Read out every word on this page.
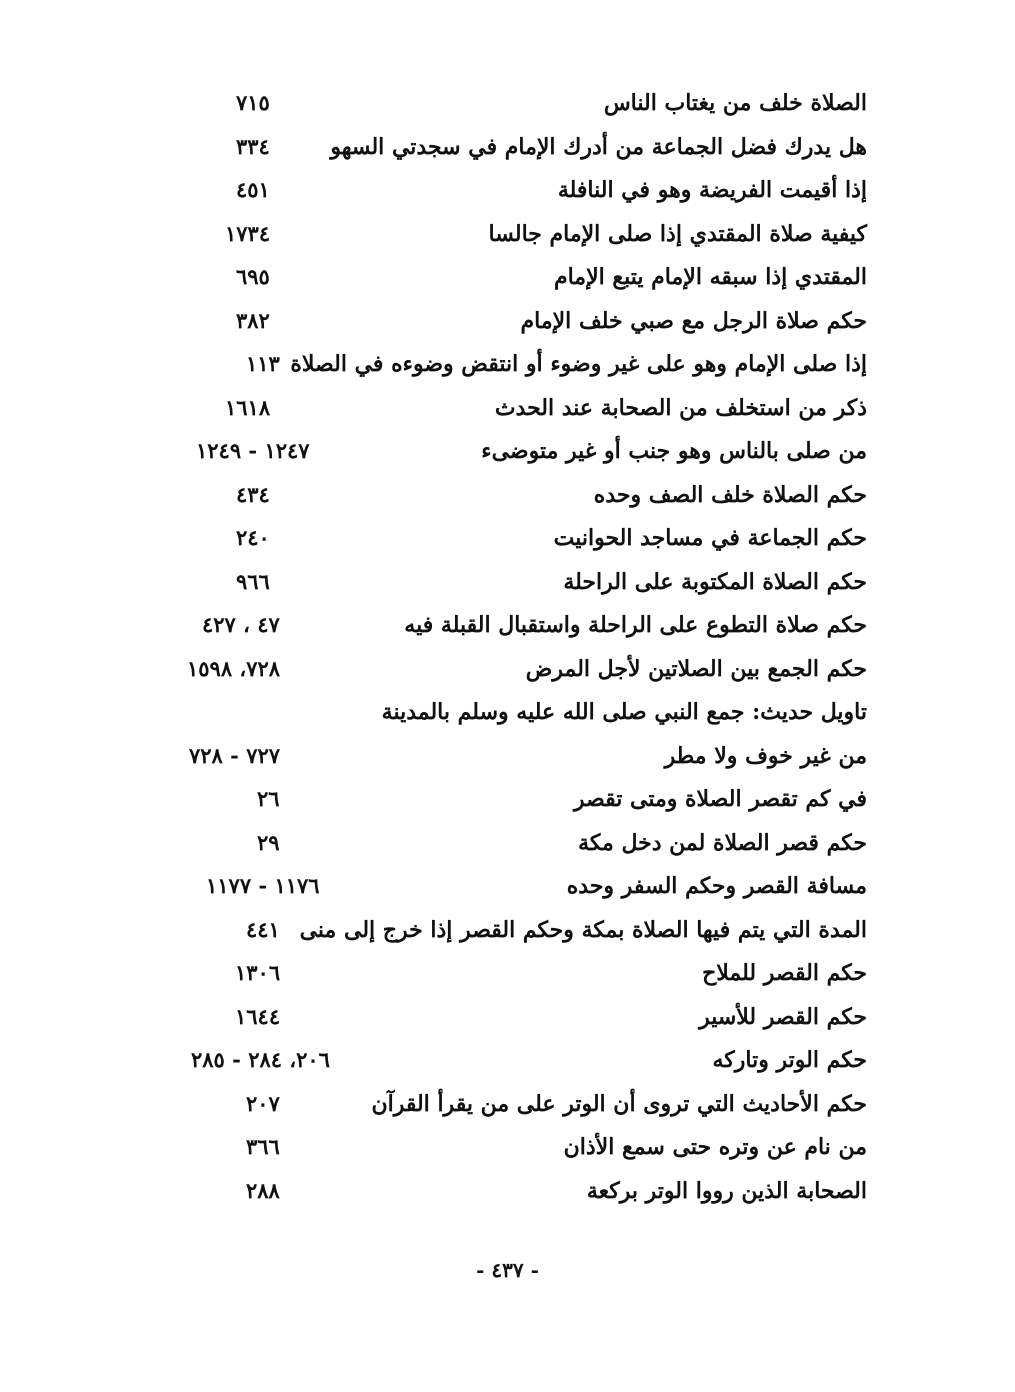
الصلاة خلف من يغتاب الناس
٧١٥
هل يدرك فضل الجماعة من أدرك الإمام في سجدتي السهو
٣٣٤
إذا أقيمت الفريضة وهو في النافلة
٤٥١
كيفية صلاة المقتدي إذا صلى الإمام جالسا
١٧٣٤
المقتدي إذا سبقه الإمام يتبع الإمام
٦٩٥
حكم صلاة الرجل مع صبي خلف الإمام
٣٨٢
إذا صلى الإمام وهو على غير وضوء أو انتقض وضوءه في الصلاة
١١٣
ذكر من استخلف من الصحابة عند الحدث
١٦١٨
من صلى بالناس وهو جنب أو غير متوضىء
١٢٤٧ - ١٢٤٩
حكم الصلاة خلف الصف وحده
٤٣٤
حكم الجماعة في مساجد الحوانيت
٢٤٠
حكم الصلاة المكتوبة على الراحلة
٩٦٦
حكم صلاة التطوع على الراحلة واستقبال القبلة فيه
٤٧ ، ٤٢٧
حكم الجمع بين الصلاتين لأجل المرض
٧٢٨، ١٥٩٨
تاويل حديث: جمع النبي صلى الله عليه وسلم بالمدينة
من غير خوف ولا مطر
٧٢٧ - ٧٢٨
في كم تقصر الصلاة ومتى تقصر
٢٦
حكم قصر الصلاة لمن دخل مكة
٢٩
مسافة القصر وحكم السفر وحده
١١٧٦ - ١١٧٧
المدة التي يتم فيها الصلاة بمكة وحكم القصر إذا خرج إلى منى
٤٤١
حكم القصر للملاح
١٣٠٦
حكم القصر للأسير
١٦٤٤
حكم الوتر وتاركه
٢٠٦، ٢٨٤ - ٢٨٥
حكم الأحاديث التي تروى أن الوتر على من يقرأ القرآن
٢٠٧
من نام عن وتره حتى سمع الأذان
٣٦٦
الصحابة الذين رووا الوتر بركعة
٢٨٨
- ٤٣٧ -
